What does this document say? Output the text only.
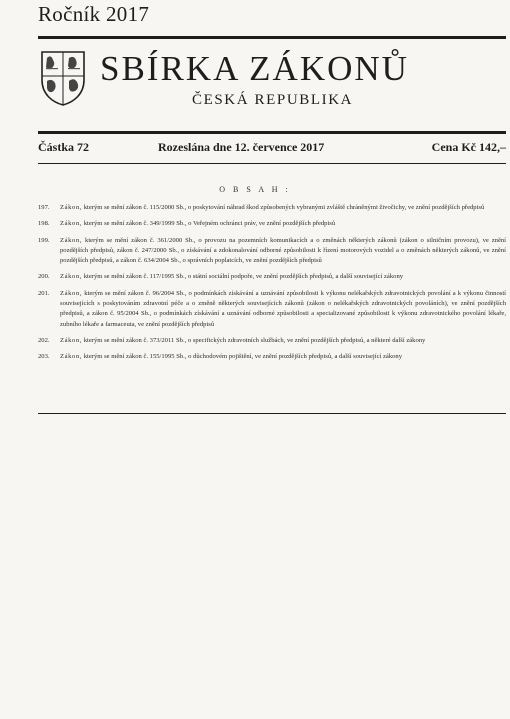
Ročník 2017
SBÍRKA ZÁKONŮ
ČESKÁ REPUBLIKA
Částka 72	Rozeslána dne 12. července 2017	Cena Kč 142,–
O B S A H :
197.	Zákon, kterým se mění zákon č. 115/2000 Sb., o poskytování náhrad škod způsobených vybranými zvláště chráněnými živočichy, ve znění pozdějších předpisů
198.	Zákon, kterým se mění zákon č. 349/1999 Sb., o Veřejném ochránci práv, ve znění pozdějších předpisů
199.	Zákon, kterým se mění zákon č. 361/2000 Sb., o provozu na pozemních komunikacích a o změnách některých zákonů (zákon o silničním provozu), ve znění pozdějších předpisů, zákon č. 247/2000 Sb., o získávání a zdokonalování odborné způsobilosti k řízení motorových vozidel a o změnách některých zákonů, ve znění pozdějších předpisů, a zákon č. 634/2004 Sb., o správních poplatcích, ve znění pozdějších předpisů
200.	Zákon, kterým se mění zákon č. 117/1995 Sb., o státní sociální podpoře, ve znění pozdějších předpisů, a další související zákony
201.	Zákon, kterým se mění zákon č. 96/2004 Sb., o podmínkách získávání a uznávání způsobilosti k výkonu nelékařských zdravotnických povolání a k výkonu činností souvisejících s poskytováním zdravotní péče a o změně některých souvisejících zákonů (zákon o nelékařských zdravotnických povoláních), ve znění pozdějších předpisů, a zákon č. 95/2004 Sb., o podmínkách získávání a uznávání odborné způsobilosti a specializované způsobilosti k výkonu zdravotnického povolání lékaře, zubního lékaře a farmaceuta, ve znění pozdějších předpisů
202.	Zákon, kterým se mění zákon č. 373/2011 Sb., o specifických zdravotních službách, ve znění pozdějších předpisů, a některé další zákony
203.	Zákon, kterým se mění zákon č. 155/1995 Sb., o důchodovém pojištění, ve znění pozdějších předpisů, a další související zákony
